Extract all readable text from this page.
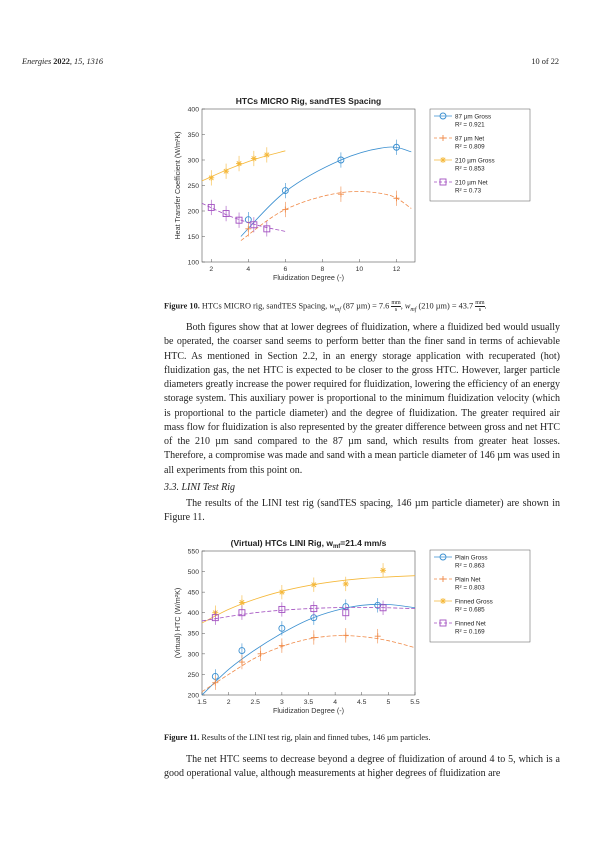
Energies 2022, 15, 1316	10 of 22
HTCs MICRO Rig, sandTES Spacing
2	4	6	8	10	12
100
150
200
250
300
350
400
Fluidization Degree (-)
Heat Transfer Coefficient (W/m²K)
87 µm Gross
R² = 0.921
87 µm Net
R² = 0.809
210 µm Gross
R² = 0.853
210 µm Net
R² = 0.73
Figure 10. HTCs MICRO rig, sandTES Spacing, $w_{mf}$ (87 $\mu m) = 7.6 \frac{mm}{s}$ , $w_{mf}$ (210 $\mu m) = 43.7 \frac{mm}{s}$ .

Both figures show that at lower degrees of fluidization, where a fluidized bed would usually be operated, the coarser sand seems to perform better than the finer sand in terms of achievable HTC. As mentioned in Section 2.2, in an energy storage application with recuperated (hot) fluidization gas, the net HTC is expected to be closer to the gross HTC. However, larger particle diameters greatly increase the power required for fluidization, lowering the efficiency of an energy storage system. This auxiliary power is proportional to the minimum fluidization velocity (which is proportional to the particle diameter) and the degree of fluidization. The greater required air mass flow for fluidization is also represented by the greater difference between gross and net HTC of the 210 µm sand compared to the 87 µm sand, which results from greater heat losses. Therefore, a compromise was made and sand with a mean particle diameter of 146 µm was used in all experiments from this point on.

3.3. LINI Test Rig

The results of the LINI test rig (sandTES spacing, 146 µm particle diameter) are shown in Figure 11.

(Virtual) HTCs LINI Rig, $w_{mf}=21.4$ mm/s
1.5	2	2.5	3	3.5	4	4.5	5	5.5
200
250
300
350
400
450
500
550
Fluidization Degree (-)
(Virtual) HTC (W/m²K)
Plain Gross
R² = 0.863
Plain Net
R² = 0.803
Finned Gross
R² = 0.685
Finned Net
R² = 0.169
Figure 11. Results of the LINI test rig, plain and finned tubes, 146 µm particles.

The net HTC seems to decrease beyond a degree of fluidization of around 4 to 5, which is a good operational value, although measurements at higher degrees of fluidization are
